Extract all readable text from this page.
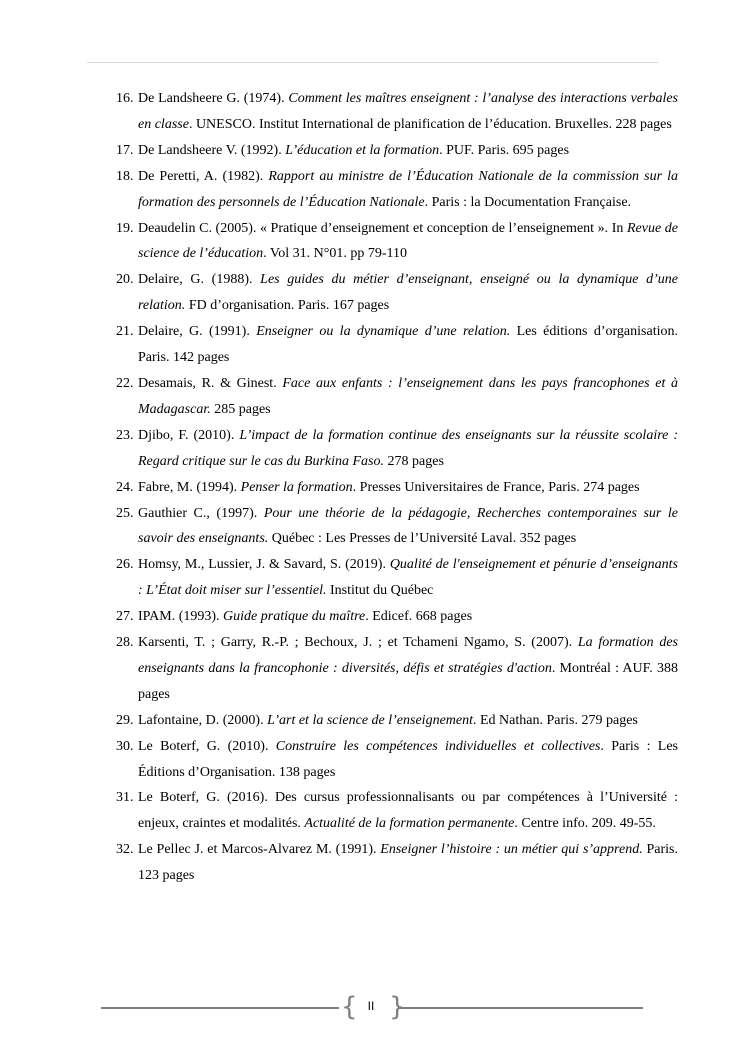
16. De Landsheere G. (1974). Comment les maîtres enseignent : l’analyse des interactions verbales en classe. UNESCO. Institut International de planification de l’éducation. Bruxelles. 228 pages
17. De Landsheere V. (1992). L’éducation et la formation. PUF. Paris. 695 pages
18. De Peretti, A. (1982). Rapport au ministre de l’Éducation Nationale de la commission sur la formation des personnels de l’Éducation Nationale. Paris : la Documentation Française.
19. Deaudelin C. (2005). « Pratique d’enseignement et conception de l’enseignement ». In Revue de science de l’éducation. Vol 31. N°01. pp 79-110
20. Delaire, G. (1988). Les guides du métier d’enseignant, enseigné ou la dynamique d’une relation. FD d’organisation. Paris. 167 pages
21. Delaire, G. (1991). Enseigner ou la dynamique d’une relation. Les éditions d’organisation. Paris. 142 pages
22. Desamais, R. & Ginest. Face aux enfants : l’enseignement dans les pays francophones et à Madagascar. 285 pages
23. Djibo, F. (2010). L’impact de la formation continue des enseignants sur la réussite scolaire : Regard critique sur le cas du Burkina Faso. 278 pages
24. Fabre, M. (1994). Penser la formation. Presses Universitaires de France, Paris. 274 pages
25. Gauthier C., (1997). Pour une théorie de la pédagogie, Recherches contemporaines sur le savoir des enseignants. Québec : Les Presses de l’Université Laval. 352 pages
26. Homsy, M., Lussier, J. & Savard, S. (2019). Qualité de l'enseignement et pénurie d’enseignants : L’État doit miser sur l’essentiel. Institut du Québec
27. IPAM. (1993). Guide pratique du maître. Edicef. 668 pages
28. Karsenti, T. ; Garry, R.-P. ; Bechoux, J. ; et Tchameni Ngamo, S. (2007). La formation des enseignants dans la francophonie : diversités, défis et stratégies d'action. Montréal : AUF. 388 pages
29. Lafontaine, D. (2000). L’art et la science de l’enseignement. Ed Nathan. Paris. 279 pages
30. Le Boterf, G. (2010). Construire les compétences individuelles et collectives. Paris : Les Éditions d’Organisation. 138 pages
31. Le Boterf, G. (2016). Des cursus professionnalisants ou par compétences à l’Université : enjeux, craintes et modalités. Actualité de la formation permanente. Centre info. 209. 49-55.
32. Le Pellec J. et Marcos-Alvarez M. (1991). Enseigner l’histoire : un métier qui s’apprend. Paris. 123 pages
{ II }
